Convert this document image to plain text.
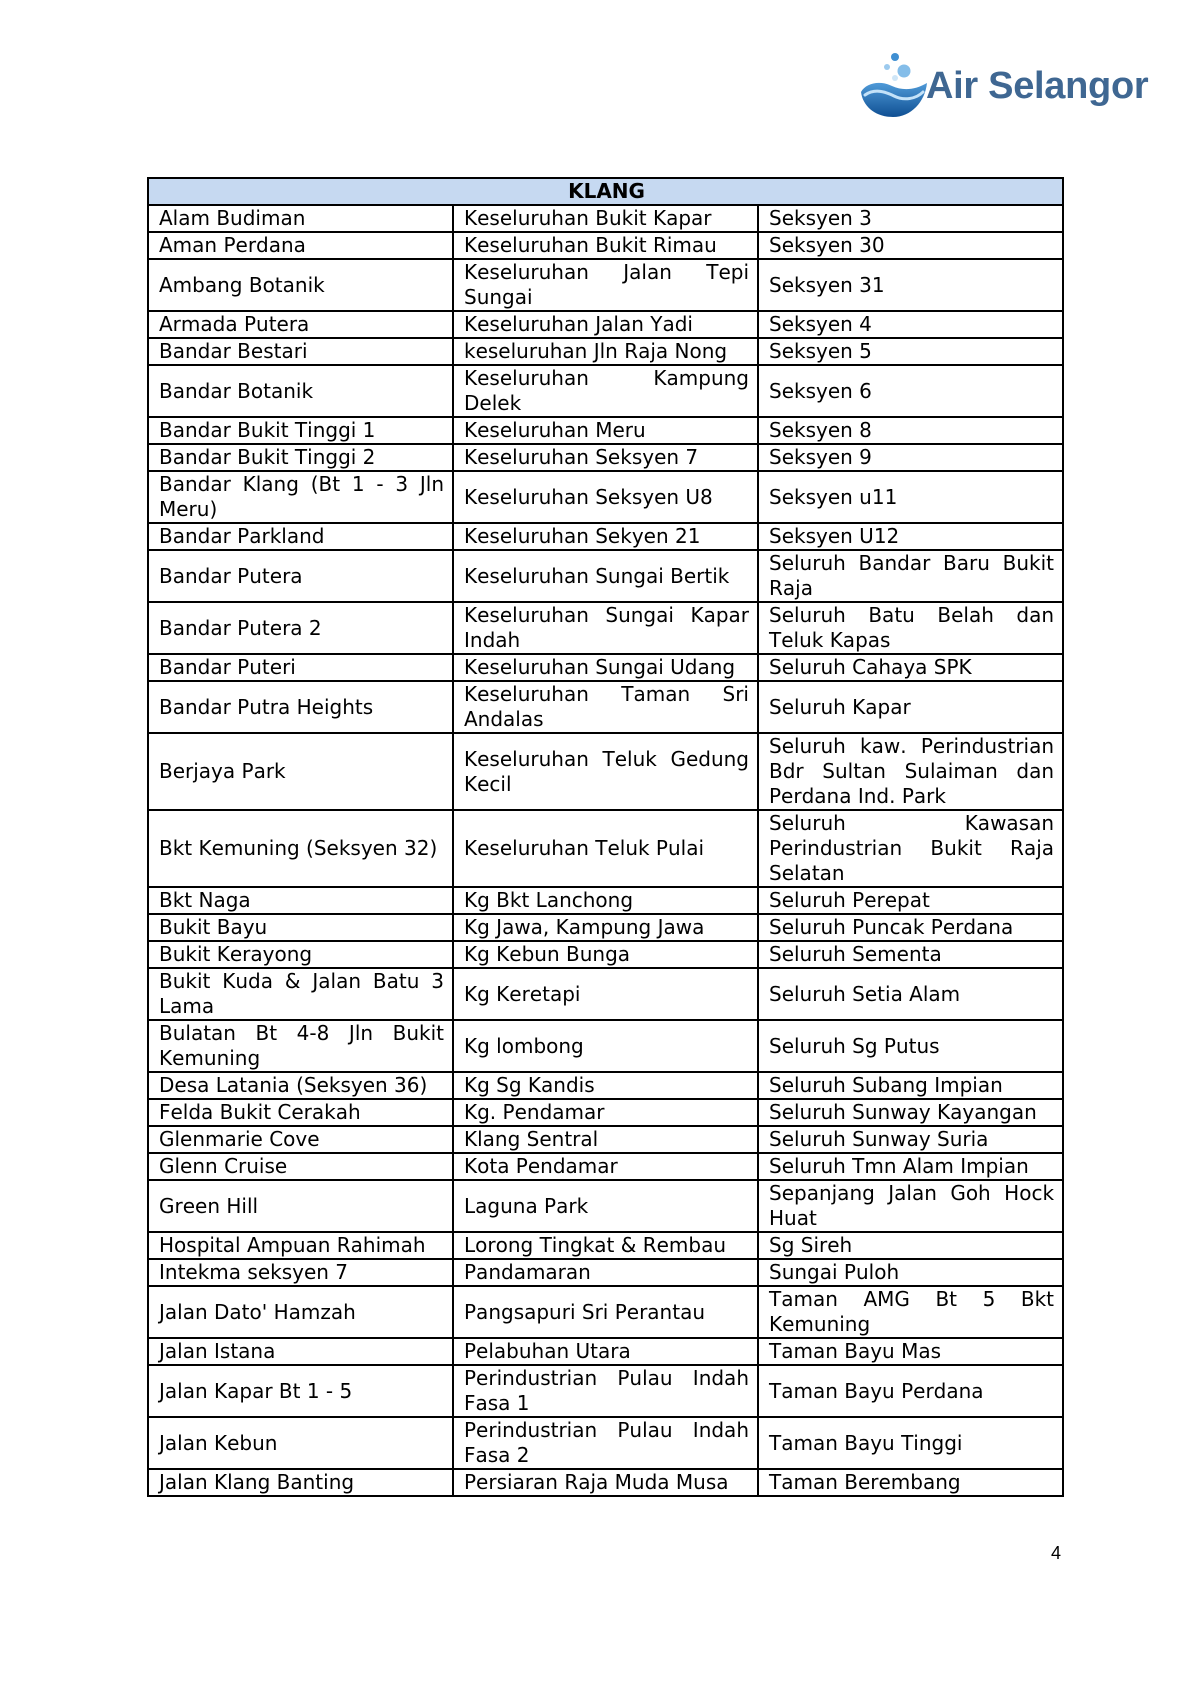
Air Selangor
KLANG		
Alam Budiman	Keseluruhan Bukit Kapar	Seksyen 3
Aman Perdana	Keseluruhan Bukit Rimau	Seksyen 30
Ambang Botanik	Keseluruhan Jalan Tepi Sungai	Seksyen 31
Armada Putera	Keseluruhan Jalan Yadi	Seksyen 4
Bandar Bestari	keseluruhan Jln Raja Nong	Seksyen 5
Bandar Botanik	Keseluruhan Kampung Delek	Seksyen 6
Bandar Bukit Tinggi 1	Keseluruhan Meru	Seksyen 8
Bandar Bukit Tinggi 2	Keseluruhan Seksyen 7	Seksyen 9
Bandar Klang (Bt 1 - 3 Jln Meru)	Keseluruhan Seksyen U8	Seksyen u11
Bandar Parkland	Keseluruhan Sekyen 21	Seksyen U12
Bandar Putera	Keseluruhan Sungai Bertik	Seluruh Bandar Baru Bukit Raja
Bandar Putera 2	Keseluruhan Sungai Kapar Indah	Seluruh Batu Belah dan Teluk Kapas
Bandar Puteri	Keseluruhan Sungai Udang	Seluruh Cahaya SPK
Bandar Putra Heights	Keseluruhan Taman Sri Andalas	Seluruh Kapar
Berjaya Park	Keseluruhan Teluk Gedung Kecil	Seluruh kaw. Perindustrian Bdr Sultan Sulaiman dan Perdana Ind. Park
Bkt Kemuning (Seksyen 32)	Keseluruhan Teluk Pulai	Seluruh Kawasan Perindustrian Bukit Raja Selatan
Bkt Naga	Kg Bkt Lanchong	Seluruh Perepat
Bukit Bayu	Kg Jawa, Kampung Jawa	Seluruh Puncak Perdana
Bukit Kerayong	Kg Kebun Bunga	Seluruh Sementa
Bukit Kuda & Jalan Batu 3 Lama	Kg Keretapi	Seluruh Setia Alam
Bulatan Bt 4-8 Jln Bukit Kemuning	Kg lombong	Seluruh Sg Putus
Desa Latania (Seksyen 36)	Kg Sg Kandis	Seluruh Subang Impian
Felda Bukit Cerakah	Kg. Pendamar	Seluruh Sunway Kayangan
Glenmarie Cove	Klang Sentral	Seluruh Sunway Suria
Glenn Cruise	Kota Pendamar	Seluruh Tmn Alam Impian
Green Hill	Laguna Park	Sepanjang Jalan Goh Hock Huat
Hospital Ampuan Rahimah	Lorong Tingkat & Rembau	Sg Sireh
Intekma seksyen 7	Pandamaran	Sungai Puloh
Jalan Dato' Hamzah	Pangsapuri Sri Perantau	Taman AMG Bt 5 Bkt Kemuning
Jalan Istana	Pelabuhan Utara	Taman Bayu Mas
Jalan Kapar Bt 1 - 5	Perindustrian Pulau Indah Fasa 1	Taman Bayu Perdana
Jalan Kebun	Perindustrian Pulau Indah Fasa 2	Taman Bayu Tinggi
Jalan Klang Banting	Persiaran Raja Muda Musa	Taman Berembang
4
